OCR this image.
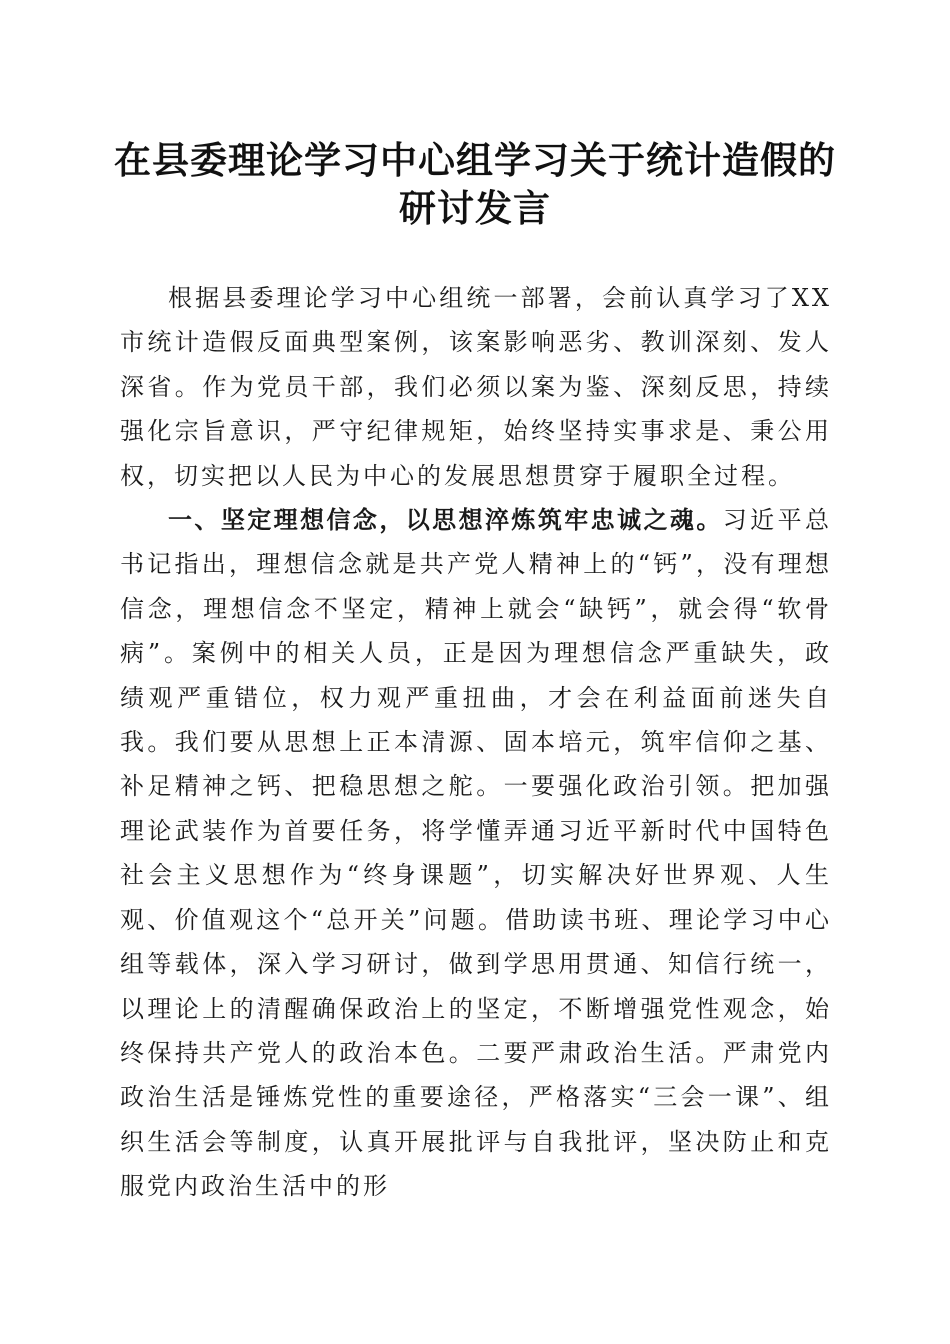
在县委理论学习中心组学习关于统计造假的研讨发言

根据县委理论学习中心组统一部署，会前认真学习了XX市统计造假反面典型案例，该案影响恶劣、教训深刻、发人深省。作为党员干部，我们必须以案为鉴、深刻反思，持续强化宗旨意识，严守纪律规矩，始终坚持实事求是、秉公用权，切实把以人民为中心的发展思想贯穿于履职全过程。

一、坚定理想信念，以思想淬炼筑牢忠诚之魂。习近平总书记指出，理想信念就是共产党人精神上的“钙”，没有理想信念，理想信念不坚定，精神上就会“缺钙”，就会得“软骨病”。案例中的相关人员，正是因为理想信念严重缺失，政绩观严重错位，权力观严重扭曲，才会在利益面前迷失自我。我们要从思想上正本清源、固本培元，筑牢信仰之基、补足精神之钙、把稳思想之舵。一要强化政治引领。把加强理论武装作为首要任务，将学懂弄通习近平新时代中国特色社会主义思想作为“终身课题”，切实解决好世界观、人生观、价值观这个“总开关”问题。借助读书班、理论学习中心组等载体，深入学习研讨，做到学思用贯通、知信行统一，以理论上的清醒确保政治上的坚定，不断增强党性观念，始终保持共产党人的政治本色。二要严肃政治生活。严肃党内政治生活是锤炼党性的重要途径，严格落实“三会一课”、组织生活会等制度，认真开展批评与自我批评，坚决防止和克服党内政治生活中的形
